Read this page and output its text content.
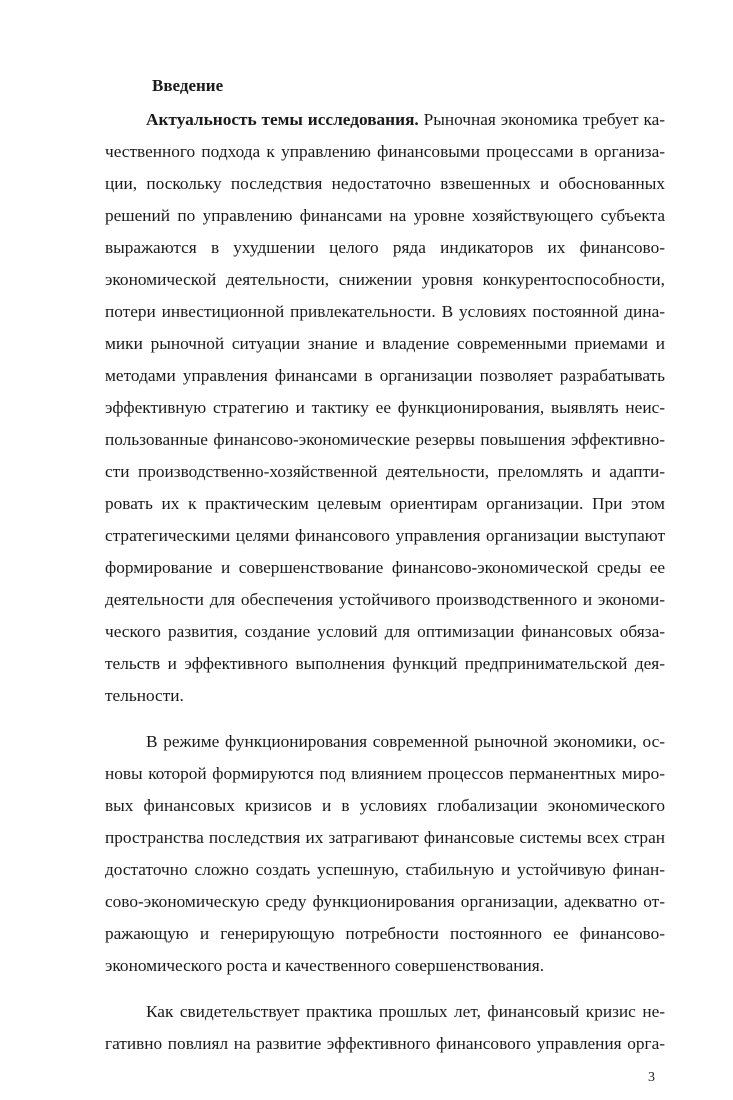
Введение
Актуальность темы исследования. Рыночная экономика требует ка-
чественного подхода к управлению финансовыми процессами в организа-
ции, поскольку последствия недостаточно взвешенных и обоснованных
решений по управлению финансами на уровне хозяйствующего субъекта
выражаются в ухудшении целого ряда индикаторов их финансово-
экономической деятельности, снижении уровня конкурентоспособности,
потери инвестиционной привлекательности. В условиях постоянной дина-
мики рыночной ситуации знание и владение современными приемами и
методами управления финансами в организации позволяет разрабатывать
эффективную стратегию и тактику ее функционирования, выявлять неис-
пользованные финансово-экономические резервы повышения эффективно-
сти производственно-хозяйственной деятельности, преломлять и адапти-
ровать их к практическим целевым ориентирам организации. При этом
стратегическими целями финансового управления организации выступают
формирование и совершенствование финансово-экономической среды ее
деятельности для обеспечения устойчивого производственного и экономи-
ческого развития, создание условий для оптимизации финансовых обяза-
тельств и эффективного выполнения функций предпринимательской дея-
тельности.
В режиме функционирования современной рыночной экономики, ос-
новы которой формируются под влиянием процессов перманентных миро-
вых финансовых кризисов и в условиях глобализации экономического
пространства последствия их затрагивают финансовые системы всех стран
достаточно сложно создать успешную, стабильную и устойчивую финан-
сово-экономическую среду функционирования организации, адекватно от-
ражающую и генерирующую потребности постоянного ее финансово-
экономического роста и качественного совершенствования.
Как свидетельствует практика прошлых лет, финансовый кризис не-
гативно повлиял на развитие эффективного финансового управления орга-
3
